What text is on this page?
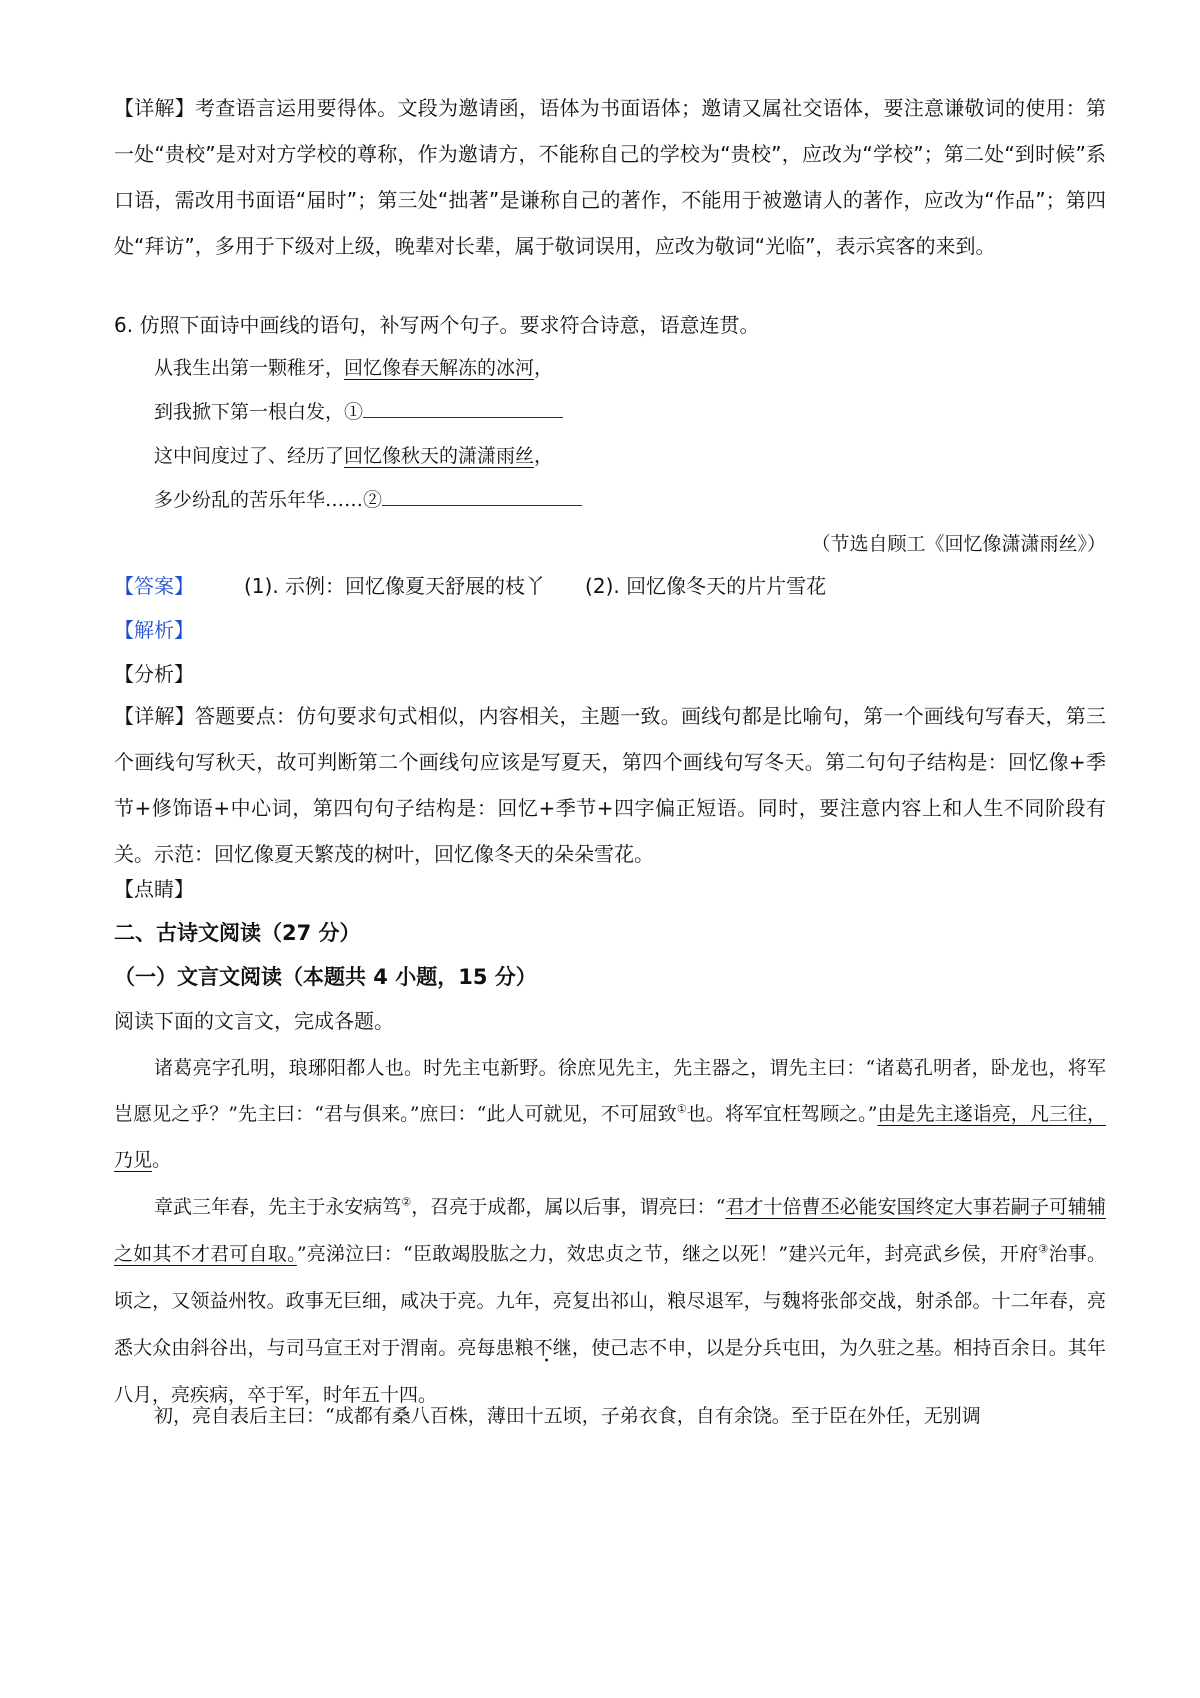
【详解】考查语言运用要得体。文段为邀请函，语体为书面语体；邀请又属社交语体，要注意谦敬词的使用：第一处“贵校”是对对方学校的尊称，作为邀请方，不能称自己的学校为“贵校”，应改为“学校”；第二处“到时候”系口语，需改用书面语“届时”；第三处“拙著”是谦称自己的著作，不能用于被邀请人的著作，应改为“作品”；第四处“拜访”，多用于下级对上级，晚辈对长辈，属于敬词误用，应改为敬词“光临”，表示宾客的来到。
6. 仿照下面诗中画线的语句，补写两个句子。要求符合诗意，语意连贯。
从我生出第一颗稚牙，回忆像春天解冻的冰河，
到我掀下第一根白发，①
这中间度过了、经历了回忆像秋天的潇潇雨丝，
多少纷乱的苦乐年华……②
（节选自顾工《回忆像潇潇雨丝》）
【答案】	(1). 示例：回忆像夏天舒展的枝丫 (2). 回忆像冬天的片片雪花
【解析】
【分析】
【详解】答题要点：仿句要求句式相似，内容相关，主题一致。画线句都是比喻句，第一个画线句写春天，第三个画线句写秋天，故可判断第二个画线句应该是写夏天，第四个画线句写冬天。第二句句子结构是：回忆像+季节+修饰语+中心词，第四句句子结构是：回忆+季节+四字偏正短语。同时，要注意内容上和人生不同阶段有关。示范：回忆像夏天繁茂的树叶，回忆像冬天的朵朵雪花。
【点睛】
二、古诗文阅读（27 分）
（一）文言文阅读（本题共 4 小题，15 分）
阅读下面的文言文，完成各题。
诸葛亮字孔明，琅琊阳都人也。时先主屯新野。徐庶见先主，先主器之，谓先主曰：“诸葛孔明者，卧龙也，将军岂愿见之乎？”先主曰：“君与俱来。”庶曰：“此人可就见，不可屈致①也。将军宜枉驾顾之。”由是先主遂诣亮，凡三往，乃见。
章武三年春，先主于永安病笃②，召亮于成都，属以后事，谓亮曰：“君才十倍曹丕必能安国终定大事若嗣子可辅辅之如其不才君可自取。”亮涕泣曰：“臣敢竭股肱之力，效忠贞之节，继之以死！”建兴元年，封亮武乡侯，开府③治事。顷之，又领益州牧。政事无巨细，咸决于亮。九年，亮复出祁山，粮尽退军，与魏将张郃交战，射杀郃。十二年春，亮悉大众由斜谷出，与司马宣王对于渭南。亮每患 •粮不继，使己志不申，以是分兵屯田，为久驻之基。相持百余日。其年八月，亮疾病，卒于军，时年五十四。
初，亮自表后主曰：“成都有桑八百株，薄田十五顷，子弟衣食，自有余饶。至于臣在外任，无别调
